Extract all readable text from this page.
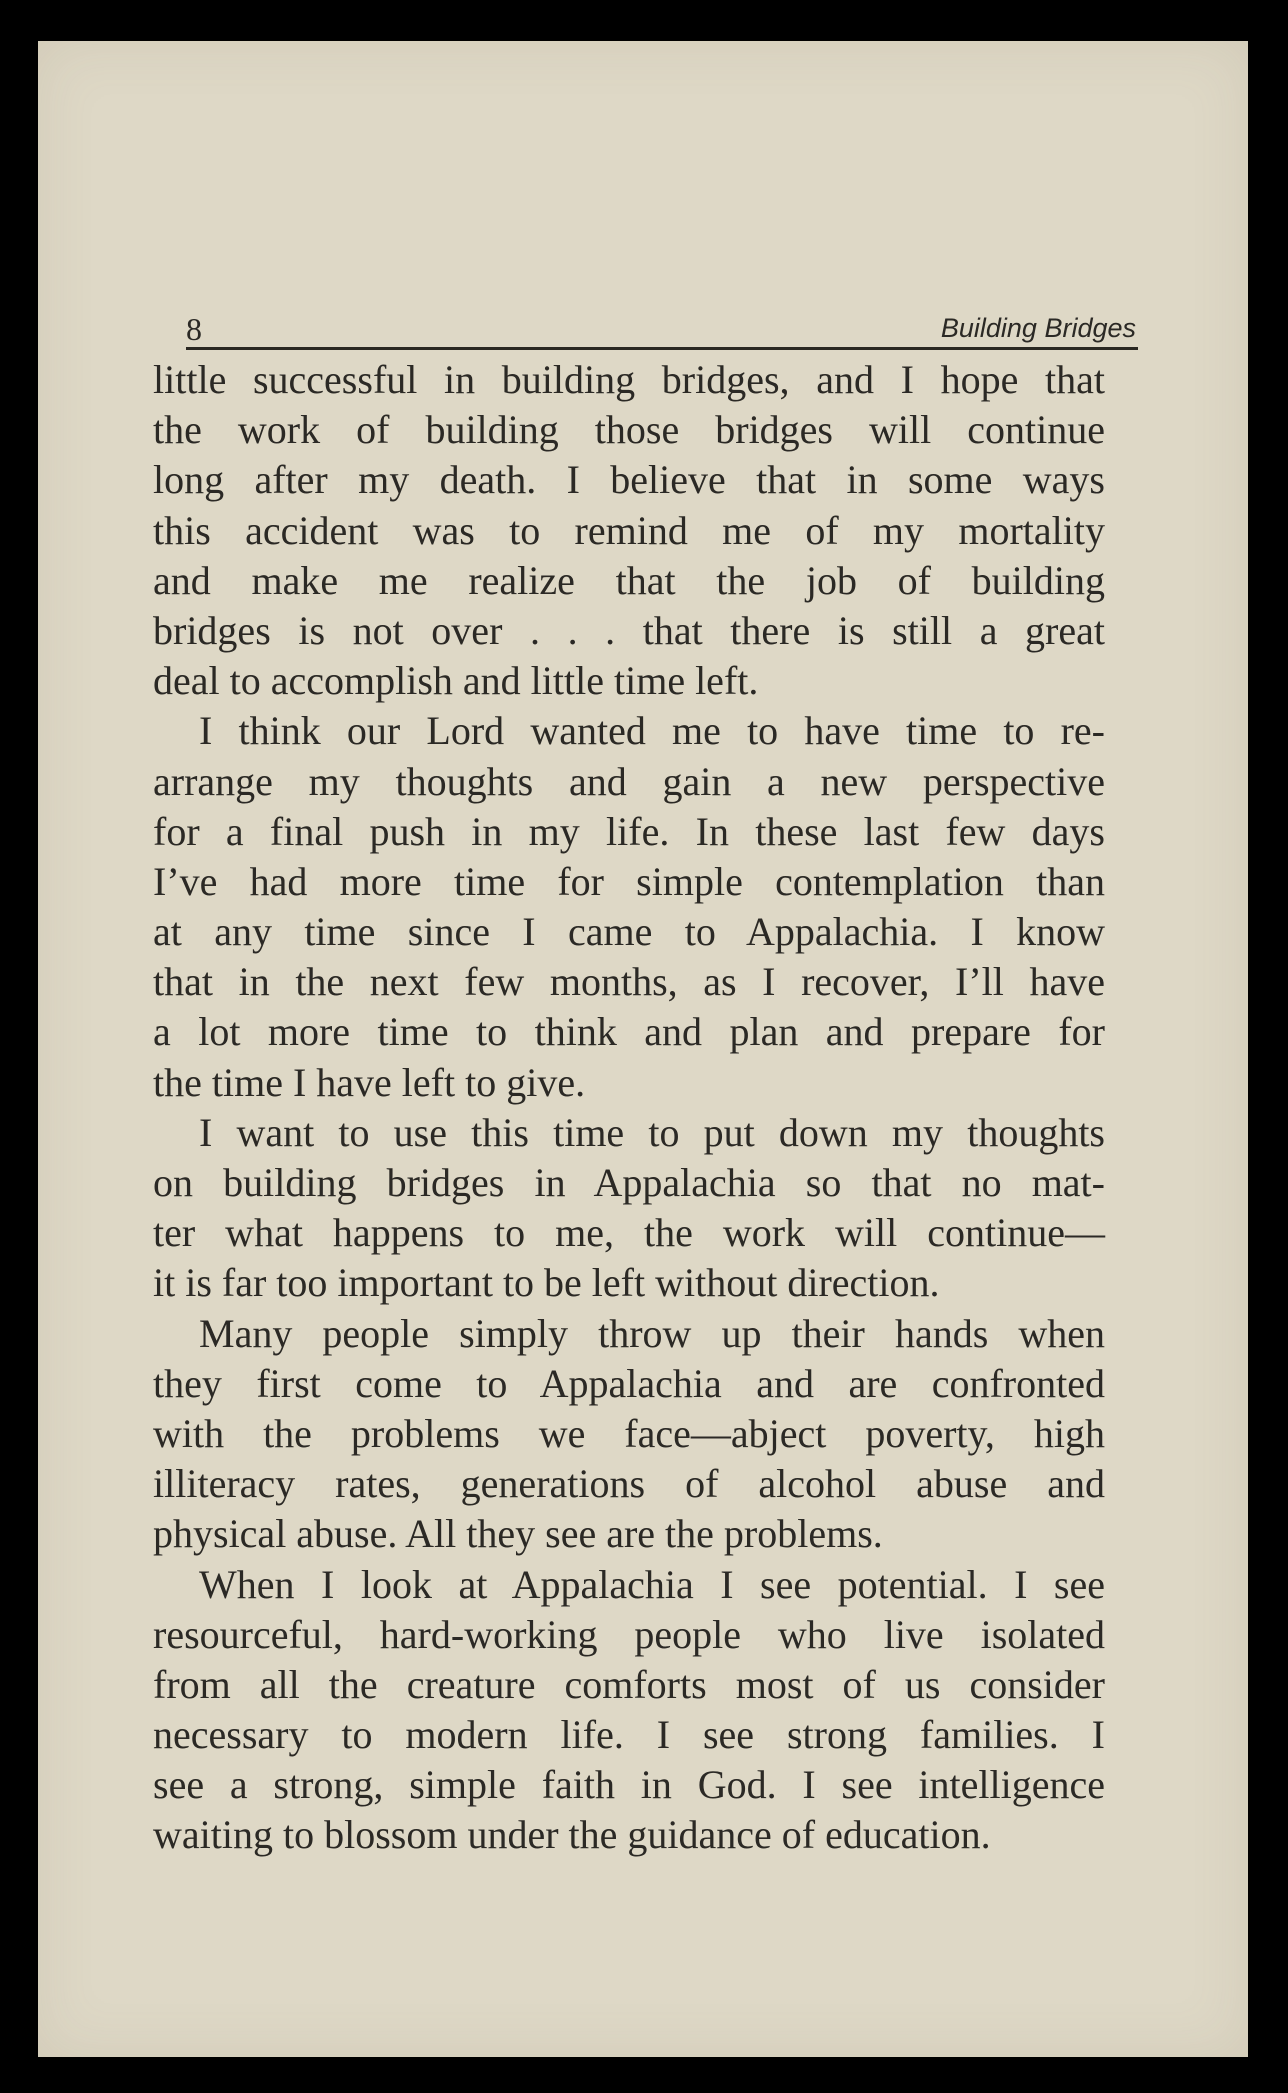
8	Building Bridges
little successful in building bridges, and I hope that
the work of building those bridges will continue
long after my death. I believe that in some ways
this accident was to remind me of my mortality
and make me realize that the job of building
bridges is not over . . . that there is still a great
deal to accomplish and little time left.
I think our Lord wanted me to have time to re-
arrange my thoughts and gain a new perspective
for a final push in my life. In these last few days
I’ve had more time for simple contemplation than
at any time since I came to Appalachia. I know
that in the next few months, as I recover, I’ll have
a lot more time to think and plan and prepare for
the time I have left to give.
I want to use this time to put down my thoughts
on building bridges in Appalachia so that no mat-
ter what happens to me, the work will continue—
it is far too important to be left without direction.
Many people simply throw up their hands when
they first come to Appalachia and are confronted
with the problems we face—abject poverty, high
illiteracy rates, generations of alcohol abuse and
physical abuse. All they see are the problems.
When I look at Appalachia I see potential. I see
resourceful, hard-working people who live isolated
from all the creature comforts most of us consider
necessary to modern life. I see strong families. I
see a strong, simple faith in God. I see intelligence
waiting to blossom under the guidance of education.
